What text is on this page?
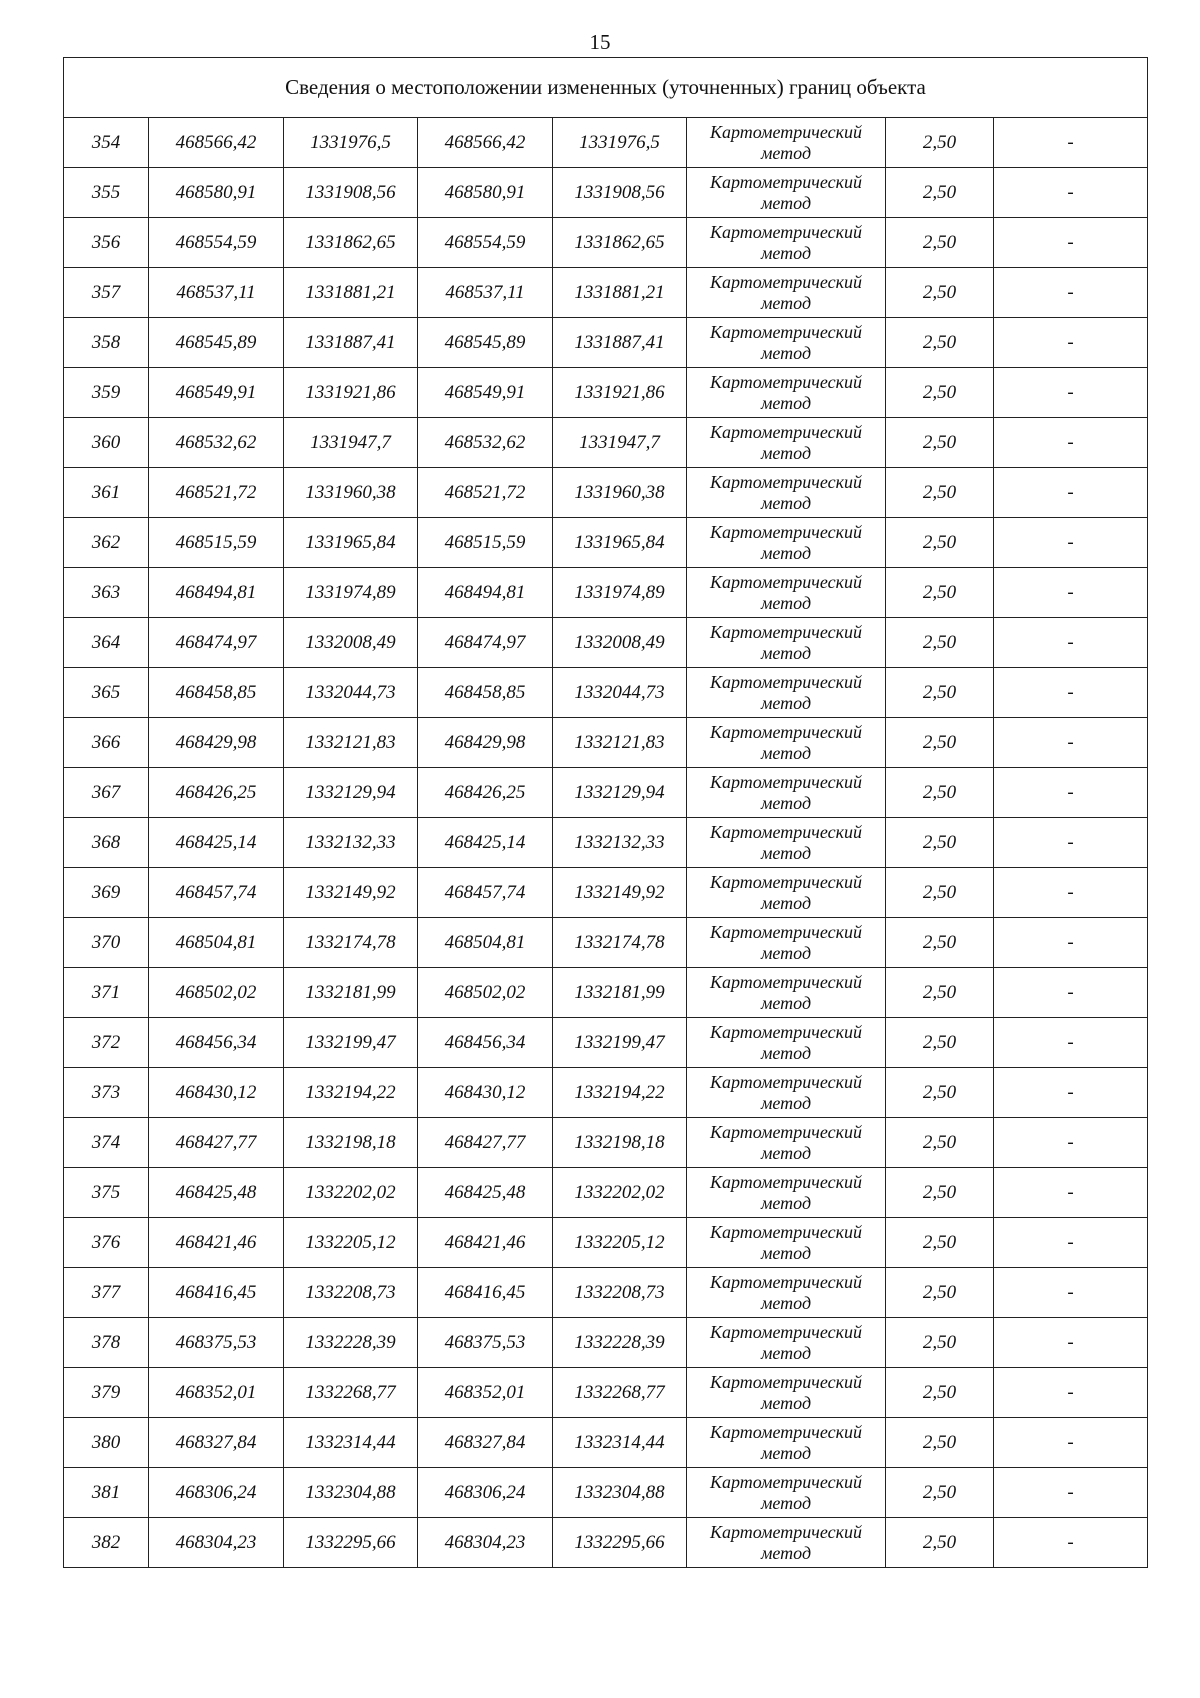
15
Сведения о местоположении измененных (уточненных) границ объекта							
354	468566,42	1331976,5	468566,42	1331976,5	Картометрический
метод	2,50	-
355	468580,91	1331908,56	468580,91	1331908,56	Картометрический
метод	2,50	-
356	468554,59	1331862,65	468554,59	1331862,65	Картометрический
метод	2,50	-
357	468537,11	1331881,21	468537,11	1331881,21	Картометрический
метод	2,50	-
358	468545,89	1331887,41	468545,89	1331887,41	Картометрический
метод	2,50	-
359	468549,91	1331921,86	468549,91	1331921,86	Картометрический
метод	2,50	-
360	468532,62	1331947,7	468532,62	1331947,7	Картометрический
метод	2,50	-
361	468521,72	1331960,38	468521,72	1331960,38	Картометрический
метод	2,50	-
362	468515,59	1331965,84	468515,59	1331965,84	Картометрический
метод	2,50	-
363	468494,81	1331974,89	468494,81	1331974,89	Картометрический
метод	2,50	-
364	468474,97	1332008,49	468474,97	1332008,49	Картометрический
метод	2,50	-
365	468458,85	1332044,73	468458,85	1332044,73	Картометрический
метод	2,50	-
366	468429,98	1332121,83	468429,98	1332121,83	Картометрический
метод	2,50	-
367	468426,25	1332129,94	468426,25	1332129,94	Картометрический
метод	2,50	-
368	468425,14	1332132,33	468425,14	1332132,33	Картометрический
метод	2,50	-
369	468457,74	1332149,92	468457,74	1332149,92	Картометрический
метод	2,50	-
370	468504,81	1332174,78	468504,81	1332174,78	Картометрический
метод	2,50	-
371	468502,02	1332181,99	468502,02	1332181,99	Картометрический
метод	2,50	-
372	468456,34	1332199,47	468456,34	1332199,47	Картометрический
метод	2,50	-
373	468430,12	1332194,22	468430,12	1332194,22	Картометрический
метод	2,50	-
374	468427,77	1332198,18	468427,77	1332198,18	Картометрический
метод	2,50	-
375	468425,48	1332202,02	468425,48	1332202,02	Картометрический
метод	2,50	-
376	468421,46	1332205,12	468421,46	1332205,12	Картометрический
метод	2,50	-
377	468416,45	1332208,73	468416,45	1332208,73	Картометрический
метод	2,50	-
378	468375,53	1332228,39	468375,53	1332228,39	Картометрический
метод	2,50	-
379	468352,01	1332268,77	468352,01	1332268,77	Картометрический
метод	2,50	-
380	468327,84	1332314,44	468327,84	1332314,44	Картометрический
метод	2,50	-
381	468306,24	1332304,88	468306,24	1332304,88	Картометрический
метод	2,50	-
382	468304,23	1332295,66	468304,23	1332295,66	Картометрический
метод	2,50	-
